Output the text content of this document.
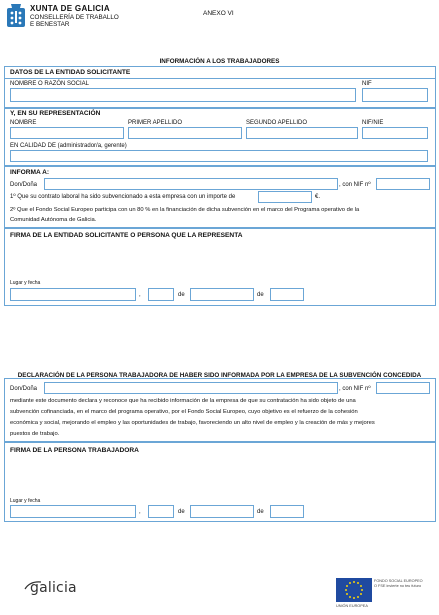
XUNTA DE GALICIA
CONSELLERÍA DE TRABALLO
E BENESTAR
ANEXO VI
INFORMACIÓN A LOS TRABAJADORES
DATOS DE LA ENTIDAD SOLICITANTE
NOMBRE O RAZÓN SOCIAL	NIF
Y, EN SU REPRESENTACIÓN
NOMBRE	PRIMER APELLIDO	SEGUNDO APELLIDO	NIF/NIE
EN CALIDAD DE (administrador/a, gerente)
INFORMA A:
Don/Doña	, con NIF nº
1º Que su contrato laboral ha sido subvencionado a esta empresa con un importe de	€.
2º Que el Fondo Social Europeo participa con un 80 % en la financiación de dicha subvención en el marco del Programa operativo de la
Comunidad Autónoma de Galicia.
FIRMA DE LA ENTIDAD SOLICITANTE O PERSONA QUE LA REPRESENTA
Lugar y fecha
,	de	de
DECLARACIÓN DE LA PERSONA TRABAJADORA DE HABER SIDO INFORMADA POR LA EMPRESA DE LA SUBVENCIÓN CONCEDIDA
Don/Doña	, con NIF nº
mediante este documento declara y reconoce que ha recibido información de la empresa de que su contratación ha sido objeto de una
subvención cofinanciada, en el marco del programa operativo, por el Fondo Social Europeo, cuyo objetivo es el refuerzo de la cohesión
económica y social, mejorando el empleo y las oportunidades de trabajo, favoreciendo un alto nivel de empleo y la creación de más y mejores
puestos de trabajo.
FIRMA DE LA PERSONA TRABAJADORA
Lugar y fecha
,	de	de
galicia	FONDO SOCIAL EUROPEO
O FSE invierte no teu futuro
UNIÓN EUROPEA
